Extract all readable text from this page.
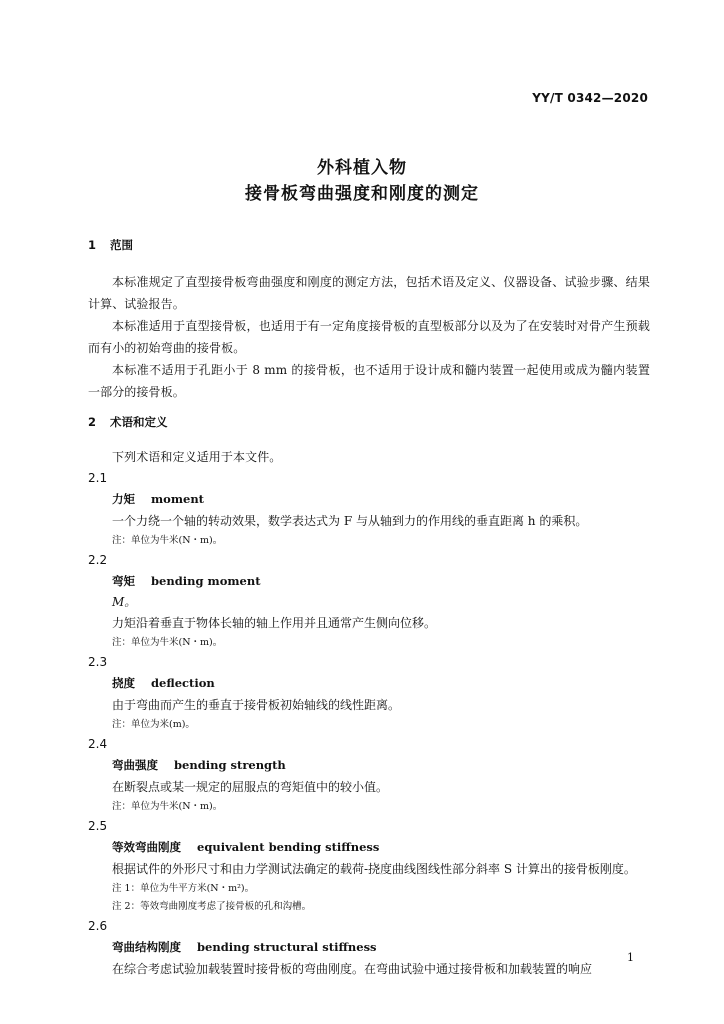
YY/T 0342—2020
外科植入物
接骨板弯曲强度和刚度的测定
1 范围
本标准规定了直型接骨板弯曲强度和刚度的测定方法，包括术语及定义、仪器设备、试验步骤、结果计算、试验报告。
本标准适用于直型接骨板，也适用于有一定角度接骨板的直型板部分以及为了在安装时对骨产生预载而有小的初始弯曲的接骨板。
本标准不适用于孔距小于 8 mm 的接骨板，也不适用于设计成和髓内装置一起使用或成为髓内装置一部分的接骨板。
2 术语和定义
下列术语和定义适用于本文件。
2.1
力矩 moment
一个力绕一个轴的转动效果，数学表达式为 F 与从轴到力的作用线的垂直距离 h 的乘积。
注：单位为牛米(N・m)。
2.2
弯矩 bending moment
M。
力矩沿着垂直于物体长轴的轴上作用并且通常产生侧向位移。
注：单位为牛米(N・m)。
2.3
挠度 deflection
由于弯曲而产生的垂直于接骨板初始轴线的线性距离。
注：单位为米(m)。
2.4
弯曲强度 bending strength
在断裂点或某一规定的屈服点的弯矩值中的较小值。
注：单位为牛米(N・m)。
2.5
等效弯曲刚度 equivalent bending stiffness
根据试件的外形尺寸和由力学测试法确定的载荷-挠度曲线图线性部分斜率 S 计算出的接骨板刚度。
注 1：单位为牛平方米(N・m²)。
注 2：等效弯曲刚度考虑了接骨板的孔和沟槽。
2.6
弯曲结构刚度 bending structural stiffness
在综合考虑试验加载装置时接骨板的弯曲刚度。在弯曲试验中通过接骨板和加载装置的响应
1
